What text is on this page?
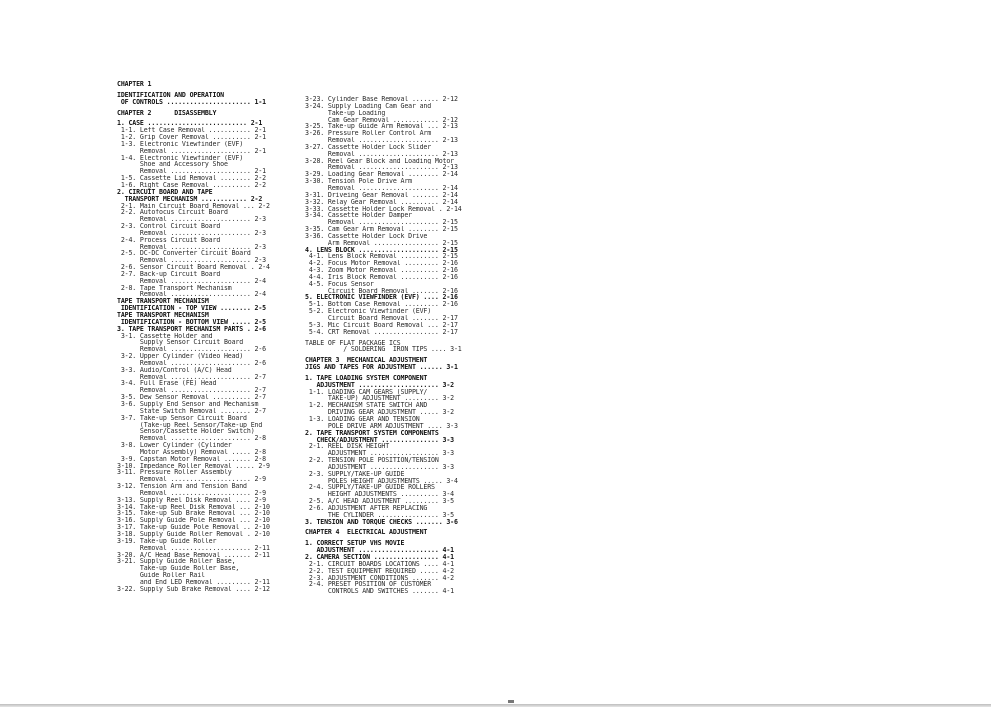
CHAPTER 1
IDENTIFICATION AND OPERATION
OF CONTROLS ...................... 1-1
CHAPTER 2      DISASSEMBLY
1. CASE .......................... 2-1
1-1. Left Case Removal ........... 2-1
1-2. Grip Cover Removal .......... 2-1
1-3. Electronic Viewfinder (EVF)
Removal ..................... 2-1
1-4. Electronic Viewfinder (EVF)
Shoe and Accessory Shoe
Removal ..................... 2-1
1-5. Cassette Lid Removal ........ 2-2
1-6. Right Case Removal .......... 2-2
2. CIRCUIT BOARD AND TAPE
TRANSPORT MECHANISM ............ 2-2
2-1. Main Circuit Board Removal ... 2-2
2-2. Autofocus Circuit Board
Removal ..................... 2-3
2-3. Control Circuit Board
Removal ..................... 2-3
2-4. Process Circuit Board
Removal ..................... 2-3
2-5. DC-DC Converter Circuit Board
Removal ..................... 2-3
2-6. Sensor Circuit Board Removal . 2-4
2-7. Back-up Circuit Board
Removal ..................... 2-4
2-8. Tape Transport Mechanism
Removal ..................... 2-4
TAPE TRANSPORT MECHANISM
IDENTIFICATION - TOP VIEW ........ 2-5
TAPE TRANSPORT MECHANISM
IDENTIFICATION - BOTTOM VIEW ..... 2-5
3. TAPE TRANSPORT MECHANISM PARTS . 2-6
3-1. Cassette Holder and
Supply Sensor Circuit Board
Removal ..................... 2-6
3-2. Upper Cylinder (Video Head)
Removal ..................... 2-6
3-3. Audio/Control (A/C) Head
Removal ..................... 2-7
3-4. Full Erase (FE) Head
Removal ..................... 2-7
3-5. Dew Sensor Removal .......... 2-7
3-6. Supply End Sensor and Mechanism
State Switch Removal ........ 2-7
3-7. Take-up Sensor Circuit Board
(Take-up Reel Sensor/Take-up End
Sensor/Cassette Holder Switch)
Removal ..................... 2-8
3-8. Lower Cylinder (Cylinder
Motor Assembly) Removal ..... 2-8
3-9. Capstan Motor Removal ....... 2-8
3-10. Impedance Roller Removal ..... 2-9
3-11. Pressure Roller Assembly
Removal ..................... 2-9
3-12. Tension Arm and Tension Band
Removal ..................... 2-9
3-13. Supply Reel Disk Removal .... 2-9
3-14. Take-up Reel Disk Removal ... 2-10
3-15. Take-up Sub Brake Removal ... 2-10
3-16. Supply Guide Pole Removal ... 2-10
3-17. Take-up Guide Pole Removal .. 2-10
3-18. Supply Guide Roller Removal . 2-10
3-19. Take-up Guide Roller
Removal ..................... 2-11
3-20. A/C Head Base Removal ....... 2-11
3-21. Supply Guide Roller Base,
Take-up Guide Roller Base,
Guide Roller Rail
and End LED Removal ......... 2-11
3-22. Supply Sub Brake Removal .... 2-12
3-23. Cylinder Base Removal ....... 2-12
3-24. Supply Loading Cam Gear and
Take-up Loading
Cam Gear Removal ............ 2-12
3-25. Take-up Guide Arm Removal ... 2-13
3-26. Pressure Roller Control Arm
Removal ..................... 2-13
3-27. Cassette Holder Lock Slider
Removal ..................... 2-13
3-28. Reel Gear Block and Loading Motor
Removal ..................... 2-13
3-29. Loading Gear Removal ........ 2-14
3-30. Tension Pole Drive Arm
Removal ..................... 2-14
3-31. Driveing Gear Removal ....... 2-14
3-32. Relay Gear Removal .......... 2-14
3-33. Cassette Holder Lock Removal . 2-14
3-34. Cassette Holder Damper
Removal ..................... 2-15
3-35. Cam Gear Arm Removal ........ 2-15
3-36. Cassette Holder Lock Drive
Arm Removal ................. 2-15
4. LENS BLOCK ..................... 2-15
4-1. Lens Block Removal .......... 2-15
4-2. Focus Motor Removal ......... 2-16
4-3. Zoom Motor Removal .......... 2-16
4-4. Iris Block Removal .......... 2-16
4-5. Focus Sensor
Circuit Board Removal ....... 2-16
5. ELECTRONIC VIEWFINDER (EVF) .... 2-16
5-1. Bottom Case Removal ......... 2-16
5-2. Electronic Viewfinder (EVF)
Circuit Board Removal ....... 2-17
5-3. Mic Circuit Board Removal ... 2-17
5-4. CRT Removal ................. 2-17
TABLE OF FLAT PACKAGE ICS
/ SOLDERING  IRON TIPS .... 3-1
CHAPTER 3  MECHANICAL ADJUSTMENT
JIGS AND TAPES FOR ADJUSTMENT ...... 3-1
1. TAPE LOADING SYSTEM COMPONENT
ADJUSTMENT ..................... 3-2
1-1. LOADING CAM GEARS (SUPPLY/
TAKE-UP) ADJUSTMENT ......... 3-2
1-2. MECHANISM STATE SWITCH AND
DRIVING GEAR ADJUSTMENT ..... 3-2
1-3. LOADING GEAR AND TENSION
POLE DRIVE ARM ADJUSTMENT .... 3-3
2. TAPE TRANSPORT SYSTEM COMPONENTS
CHECK/ADJUSTMENT ............... 3-3
2-1. REEL DISK HEIGHT
ADJUSTMENT .................. 3-3
2-2. TENSION POLE POSITION/TENSION
ADJUSTMENT .................. 3-3
2-3. SUPPLY/TAKE-UP GUIDE
POLES HEIGHT ADJUSTMENTS ..... 3-4
2-4. SUPPLY/TAKE-UP GUIDE ROLLERS
HEIGHT ADJUSTMENTS .......... 3-4
2-5. A/C HEAD ADJUSTMENT ......... 3-5
2-6. ADJUSTMENT AFTER REPLACING
THE CYLINDER ................ 3-5
3. TENSION AND TORQUE CHECKS ....... 3-6
CHAPTER 4  ELECTRICAL ADJUSTMENT
1. CORRECT SETUP VHS MOVIE
ADJUSTMENT ..................... 4-1
2. CAMERA SECTION ................. 4-1
2-1. CIRCUIT BOARDS LOCATIONS .... 4-1
2-2. TEST EQUIPMENT REQUIRED ..... 4-2
2-3. ADJUSTMENT CONDITIONS ....... 4-2
2-4. PRESET POSITION OF CUSTOMER
CONTROLS AND SWITCHES ....... 4-1
